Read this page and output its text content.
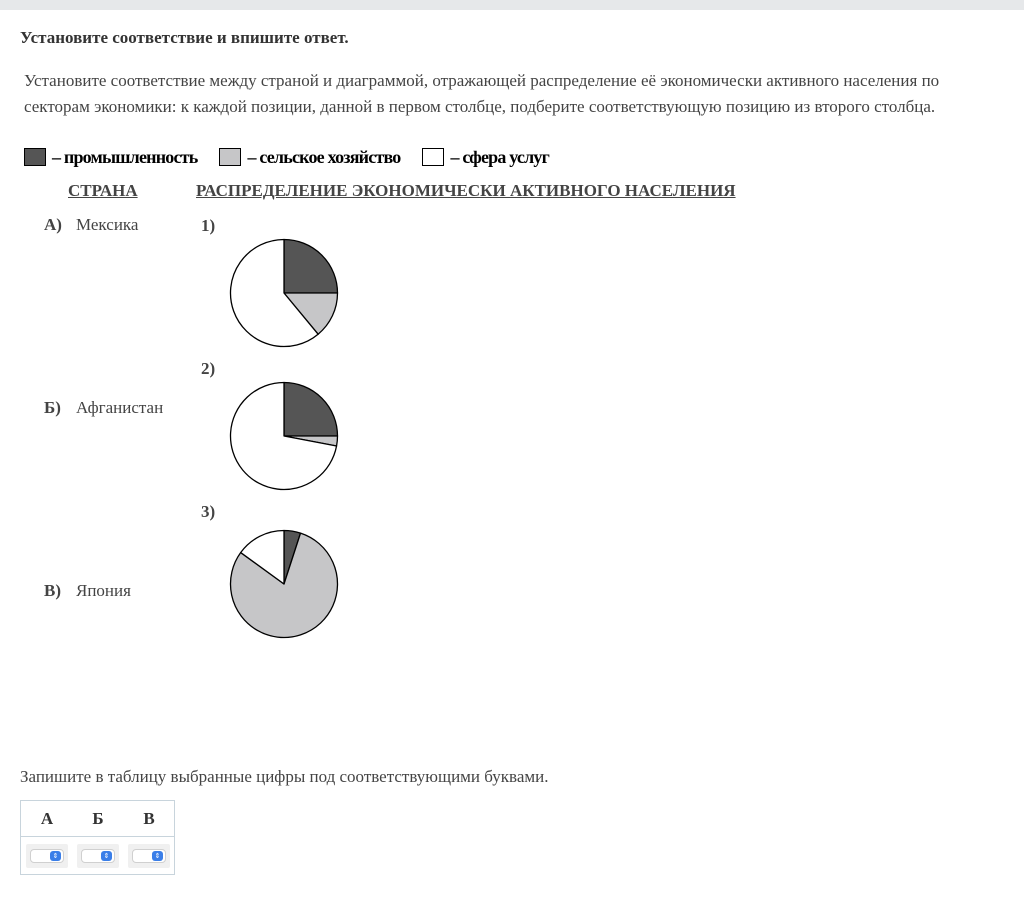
Установите соответствие и впишите ответ.
Установите соответствие между страной и диаграммой, отражающей распределение её экономически активного населения по секторам экономики: к каждой позиции, данной в первом столбце, подберите соответствующую позицию из второго столбца.
– промышленность	– сельское хозяйство	– сфера услуг
СТРАНА	РАСПРЕДЕЛЕНИЕ ЭКОНОМИЧЕСКИ АКТИВНОГО НАСЕЛЕНИЯ
А) Мексика
Б) Афганистан
В) Япония
1)
2)
3)
Запишите в таблицу выбранные цифры под соответствующими буквами.
А	Б	В
⇕	⇕	⇕
